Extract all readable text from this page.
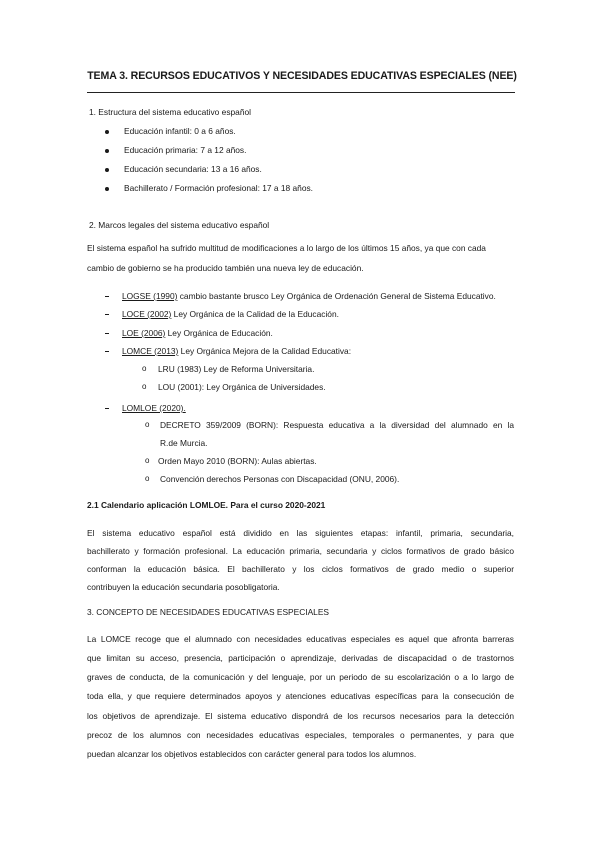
TEMA 3. RECURSOS EDUCATIVOS Y NECESIDADES EDUCATIVAS ESPECIALES (NEE)
1. Estructura del sistema educativo español
Educación infantil: 0 a 6 años.
Educación primaria: 7 a 12 años.
Educación secundaria: 13 a 16 años.
Bachillerato / Formación profesional: 17 a 18 años.
2. Marcos legales del sistema educativo español
El sistema español ha sufrido multitud de modificaciones a lo largo de los últimos 15 años, ya que con cada
cambio de gobierno se ha producido también una nueva ley de educación.
LOGSE (1990) cambio bastante brusco Ley Orgánica de Ordenación General de Sistema Educativo.
LOCE (2002) Ley Orgánica de la Calidad de la Educación.
LOE (2006) Ley Orgánica de Educación.
LOMCE (2013) Ley Orgánica Mejora de la Calidad Educativa:
o LRU (1983) Ley de Reforma Universitaria.
o LOU (2001): Ley Orgánica de Universidades.
LOMLOE (2020).
o DECRETO 359/2009 (BORN): Respuesta educativa a la diversidad del alumnado en la
R.de Murcia.
o Orden Mayo 2010 (BORN): Aulas abiertas.
o Convención derechos Personas con Discapacidad (ONU, 2006).
2.1 Calendario aplicación LOMLOE. Para el curso 2020-2021
El sistema educativo español está dividido en las siguientes etapas: infantil, primaria, secundaria,
bachillerato y formación profesional. La educación primaria, secundaria y ciclos formativos de grado básico
conforman la educación básica. El bachillerato y los ciclos formativos de grado medio o superior
contribuyen la educación secundaria posobligatoria.
3. CONCEPTO DE NECESIDADES EDUCATIVAS ESPECIALES
La LOMCE recoge que el alumnado con necesidades educativas especiales es aquel que afronta barreras
que limitan su acceso, presencia, participación o aprendizaje, derivadas de discapacidad o de trastornos
graves de conducta, de la comunicación y del lenguaje, por un periodo de su escolarización o a lo largo de
toda ella, y que requiere determinados apoyos y atenciones educativas específicas para la consecución de
los objetivos de aprendizaje. El sistema educativo dispondrá de los recursos necesarios para la detección
precoz de los alumnos con necesidades educativas especiales, temporales o permanentes, y para que
puedan alcanzar los objetivos establecidos con carácter general para todos los alumnos.
